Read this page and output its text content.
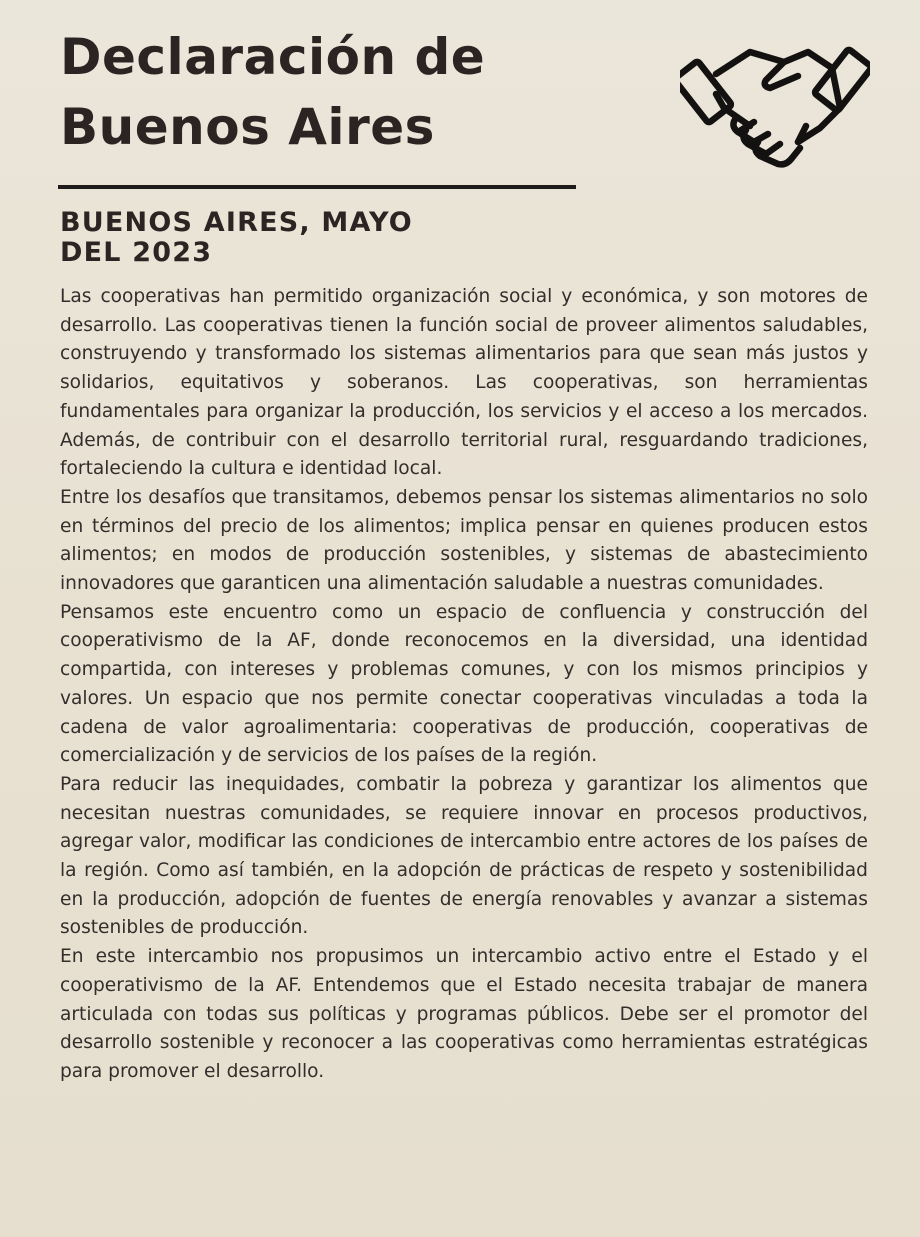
Declaración de
Buenos Aires
BUENOS AIRES, MAYO
DEL 2023

Las cooperativas han permitido organización social y económica, y son motores de desarrollo. Las cooperativas tienen la función social de proveer alimentos saludables, construyendo y transformado los sistemas alimentarios para que sean más justos y solidarios, equitativos y soberanos. Las cooperativas, son herramientas fundamentales para organizar la producción, los servicios y el acceso a los mercados. Además, de contribuir con el desarrollo territorial rural, resguardando tradiciones, fortaleciendo la cultura e identidad local.

Entre los desafíos que transitamos, debemos pensar los sistemas alimentarios no solo en términos del precio de los alimentos; implica pensar en quienes producen estos alimentos; en modos de producción sostenibles, y sistemas de abastecimiento innovadores que garanticen una alimentación saludable a nuestras comunidades.

Pensamos este encuentro como un espacio de confluencia y construcción del cooperativismo de la AF, donde reconocemos en la diversidad, una identidad compartida, con intereses y problemas comunes, y con los mismos principios y valores. Un espacio que nos permite conectar cooperativas vinculadas a toda la cadena de valor agroalimentaria: cooperativas de producción, cooperativas de comercialización y de servicios de los países de la región.

Para reducir las inequidades, combatir la pobreza y garantizar los alimentos que necesitan nuestras comunidades, se requiere innovar en procesos productivos, agregar valor, modificar las condiciones de intercambio entre actores de los países de la región. Como así también, en la adopción de prácticas de respeto y sostenibilidad en la producción, adopción de fuentes de energía renovables y avanzar a sistemas sostenibles de producción.

En este intercambio nos propusimos un intercambio activo entre el Estado y el cooperativismo de la AF. Entendemos que el Estado necesita trabajar de manera articulada con todas sus políticas y programas públicos. Debe ser el promotor del desarrollo sostenible y reconocer a las cooperativas como herramientas estratégicas para promover el desarrollo.
